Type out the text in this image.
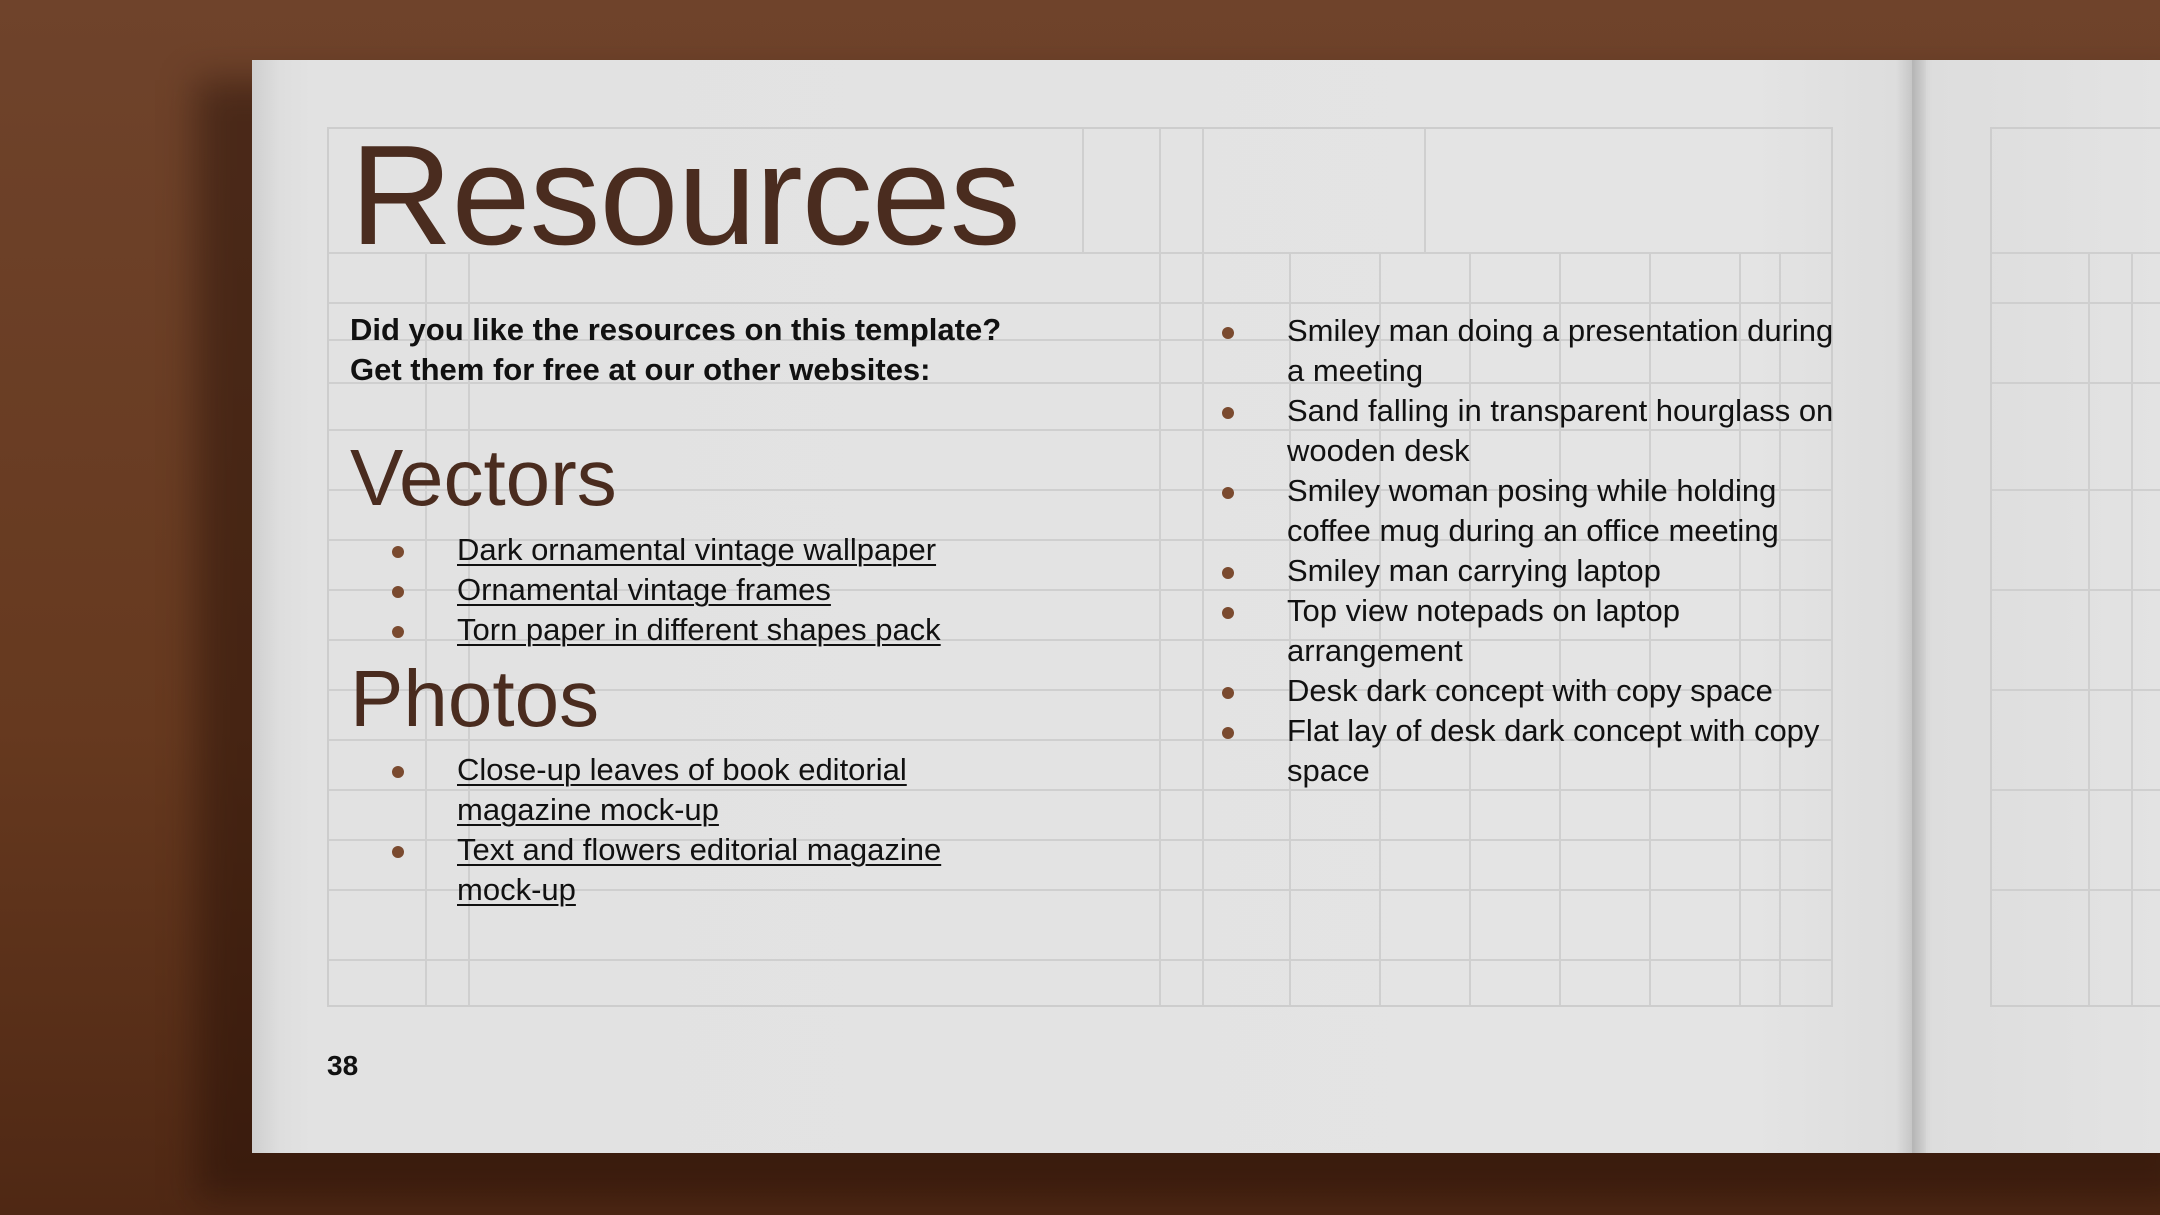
Resources

Did you like the resources on this template? Get them for free at our other websites:

Vectors
Dark ornamental vintage wallpaper
Ornamental vintage frames
Torn paper in different shapes pack
Photos
Close-up leaves of book editorial magazine mock-up
Text and flowers editorial magazine mock-up
Smiley man doing a presentation during a meeting
Sand falling in transparent hourglass on wooden desk
Smiley woman posing while holding coffee mug during an office meeting
Smiley man carrying laptop
Top view notepads on laptop arrangement
Desk dark concept with copy space
Flat lay of desk dark concept with copy space
38
